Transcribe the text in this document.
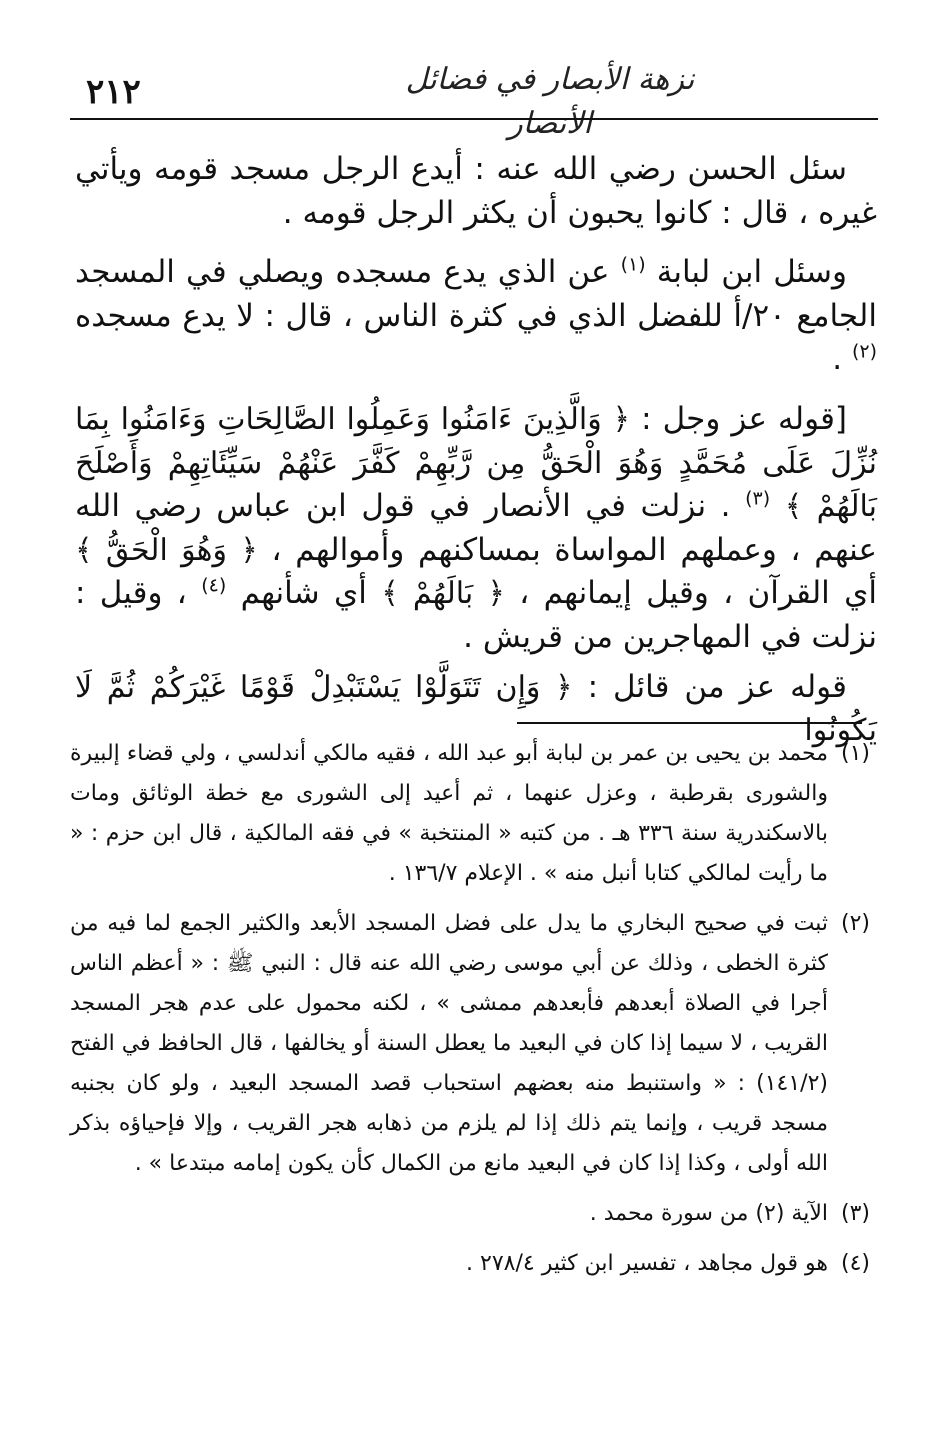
٢١٢	نزهة الأبصار في فضائل الأنصار

سئل الحسن رضي الله عنه : أيدع الرجل مسجد قومه ويأتي غيره ، قال : كانوا يحبون أن يكثر الرجل قومه .

وسئل ابن لبابة $^{(١)}$ عن الذي يدع مسجده ويصلي في المسجد الجامع ٢٠/أ للفضل الذي في كثرة الناس ، قال : لا يدع مسجده $^{(٢)}$ .

[قوله عز وجل : ﴿ وَالَّذِينَ ءَامَنُوا وَعَمِلُوا الصَّالِحَاتِ وَءَامَنُوا بِمَا نُزِّلَ عَلَى مُحَمَّدٍ وَهُوَ الْحَقُّ مِن رَّبِّهِمْ كَفَّرَ عَنْهُمْ سَيِّئَاتِهِمْ وَأَصْلَحَ بَالَهُمْ ﴾ $^{(٣)}$ . نزلت في الأنصار في قول ابن عباس رضي الله عنهم ، وعملهم المواساة بمساكنهم وأموالهم ، ﴿ وَهُوَ الْحَقُّ ﴾ أي القرآن ، وقيل إيمانهم ، ﴿ بَالَهُمْ ﴾ أي شأنهم $^{(٤)}$ ، وقيل : نزلت في المهاجرين من قريش .

قوله عز من قائل : ﴿ وَإِن تَتَوَلَّوْا يَسْتَبْدِلْ قَوْمًا غَيْرَكُمْ ثُمَّ لَا يَكُونُوا

(١)
محمد بن يحيى بن عمر بن لبابة أبو عبد الله ، فقيه مالكي أندلسي ، ولي قضاء إلبيرة والشورى بقرطبة ، وعزل عنهما ، ثم أعيد إلى الشورى مع خطة الوثائق ومات بالاسكندرية سنة ٣٣٦ هـ . من كتبه « المنتخبة » في فقه المالكية ، قال ابن حزم : « ما رأيت لمالكي كتابا أنبل منه » . الإعلام ١٣٦/٧ .
(٢)
ثبت في صحيح البخاري ما يدل على فضل المسجد الأبعد والكثير الجمع لما فيه من كثرة الخطى ، وذلك عن أبي موسى رضي الله عنه قال : النبي ﷺ : « أعظم الناس أجرا في الصلاة أبعدهم فأبعدهم ممشى » ، لكنه محمول على عدم هجر المسجد القريب ، لا سيما إذا كان في البعيد ما يعطل السنة أو يخالفها ، قال الحافظ في الفتح (١٤١/٢) : « واستنبط منه بعضهم استحباب قصد المسجد البعيد ، ولو كان بجنبه مسجد قريب ، وإنما يتم ذلك إذا لم يلزم من ذهابه هجر القريب ، وإلا فإحياؤه بذكر الله أولى ، وكذا إذا كان في البعيد مانع من الكمال كأن يكون إمامه مبتدعا » .
(٣)
الآية (٢) من سورة محمد .
(٤)
هو قول مجاهد ، تفسير ابن كثير ٢٧٨/٤ .
